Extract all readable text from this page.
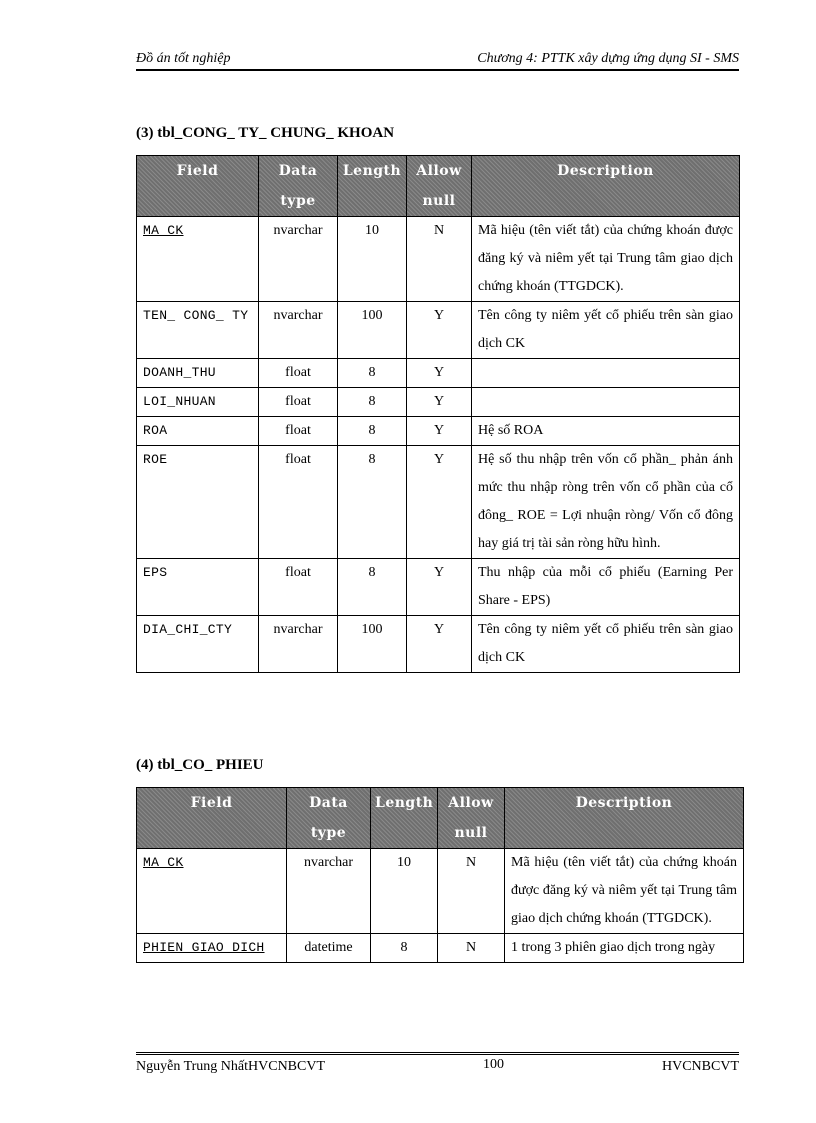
Đồ án tốt nghiệp	Chương 4: PTTK xây dựng ứng dụng SI - SMS
(3) tbl_CONG_ TY_ CHUNG_ KHOAN
Field	Data type	Length	Allow null	Description
MA_CK	nvarchar	10	N	Mã hiệu (tên viết tắt) của chứng khoán được đăng ký và niêm yết tại Trung tâm giao dịch chứng khoán (TTGDCK).
TEN_ CONG_ TY	nvarchar	100	Y	Tên công ty niêm yết cổ phiếu trên sàn giao dịch CK
DOANH_THU	float	8	Y	
LOI_NHUAN	float	8	Y	
ROA	float	8	Y	Hệ số ROA
ROE	float	8	Y	Hệ số thu nhập trên vốn cổ phần_ phản ánh mức thu nhập ròng trên vốn cổ phần của cổ đông_ ROE = Lợi nhuận ròng/ Vốn cổ đông hay giá trị tài sản ròng hữu hình.
EPS	float	8	Y	Thu nhập của mỗi cổ phiếu (Earning Per Share - EPS)
DIA_CHI_CTY	nvarchar	100	Y	Tên công ty niêm yết cổ phiếu trên sàn giao dịch CK
(4) tbl_CO_ PHIEU
Field	Data type	Length	Allow null	Description
MA_CK	nvarchar	10	N	Mã hiệu (tên viết tắt) của chứng khoán được đăng ký và niêm yết tại Trung tâm giao dịch chứng khoán (TTGDCK).
PHIEN GIAO DICH	datetime	8	N	1 trong 3 phiên giao dịch trong ngày
Nguyễn Trung NhấtHVCNBCVT	100	HVCNBCVT
